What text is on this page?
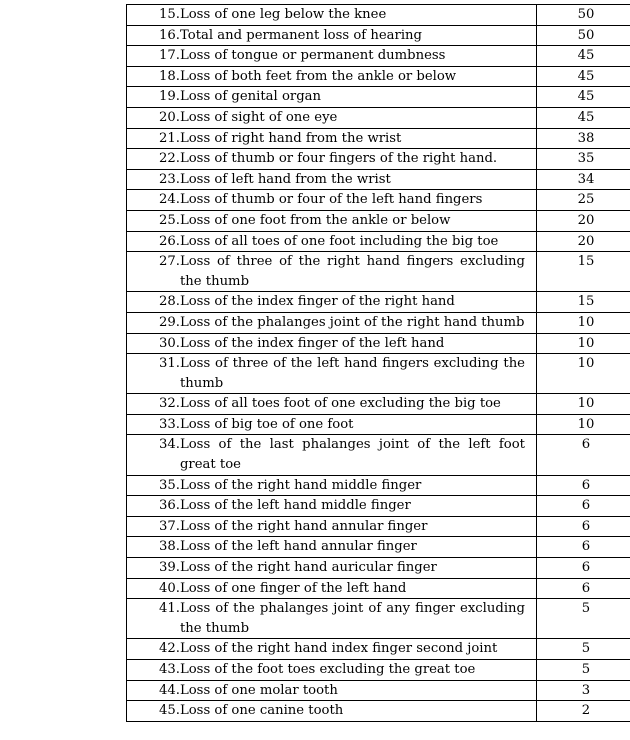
15. Loss of one leg below the knee	50

16. Total and permanent loss of hearing	50

17. Loss of tongue or permanent dumbness	45

18. Loss of both feet from the ankle or below	45

19. Loss of genital organ	45

20. Loss of sight of one eye	45

21. Loss of right hand from the wrist	38

22. Loss of thumb or four fingers of the right hand.	35

23. Loss of left hand from the wrist	34

24. Loss of thumb or four of the left hand fingers	25

25. Loss of one foot from the ankle or below	20

26. Loss of all toes of one foot including the big toe	20

27. Loss of three of the right hand fingers excluding the thumb	15

28. Loss of the index finger of the right hand	15

29. Loss of the phalanges joint of the right hand thumb	10

30. Loss of the index finger of the left hand	10

31. Loss of three of the left hand fingers excluding the thumb	10

32. Loss of all toes foot of one excluding the big toe	10

33. Loss of big toe of one foot	10

34. Loss of the last phalanges joint of the left foot great toe	6

35. Loss of the right hand middle finger	6

36. Loss of the left hand middle finger	6

37. Loss of the right hand annular finger	6

38. Loss of the left hand annular finger	6

39. Loss of the right hand auricular finger	6

40. Loss of one finger of the left hand	6

41. Loss of the phalanges joint of any finger excluding the thumb	5

42. Loss of the right hand index finger second joint	5

43. Loss of the foot toes excluding the great toe	5

44. Loss of one molar tooth	3

45. Loss of one canine tooth	2
